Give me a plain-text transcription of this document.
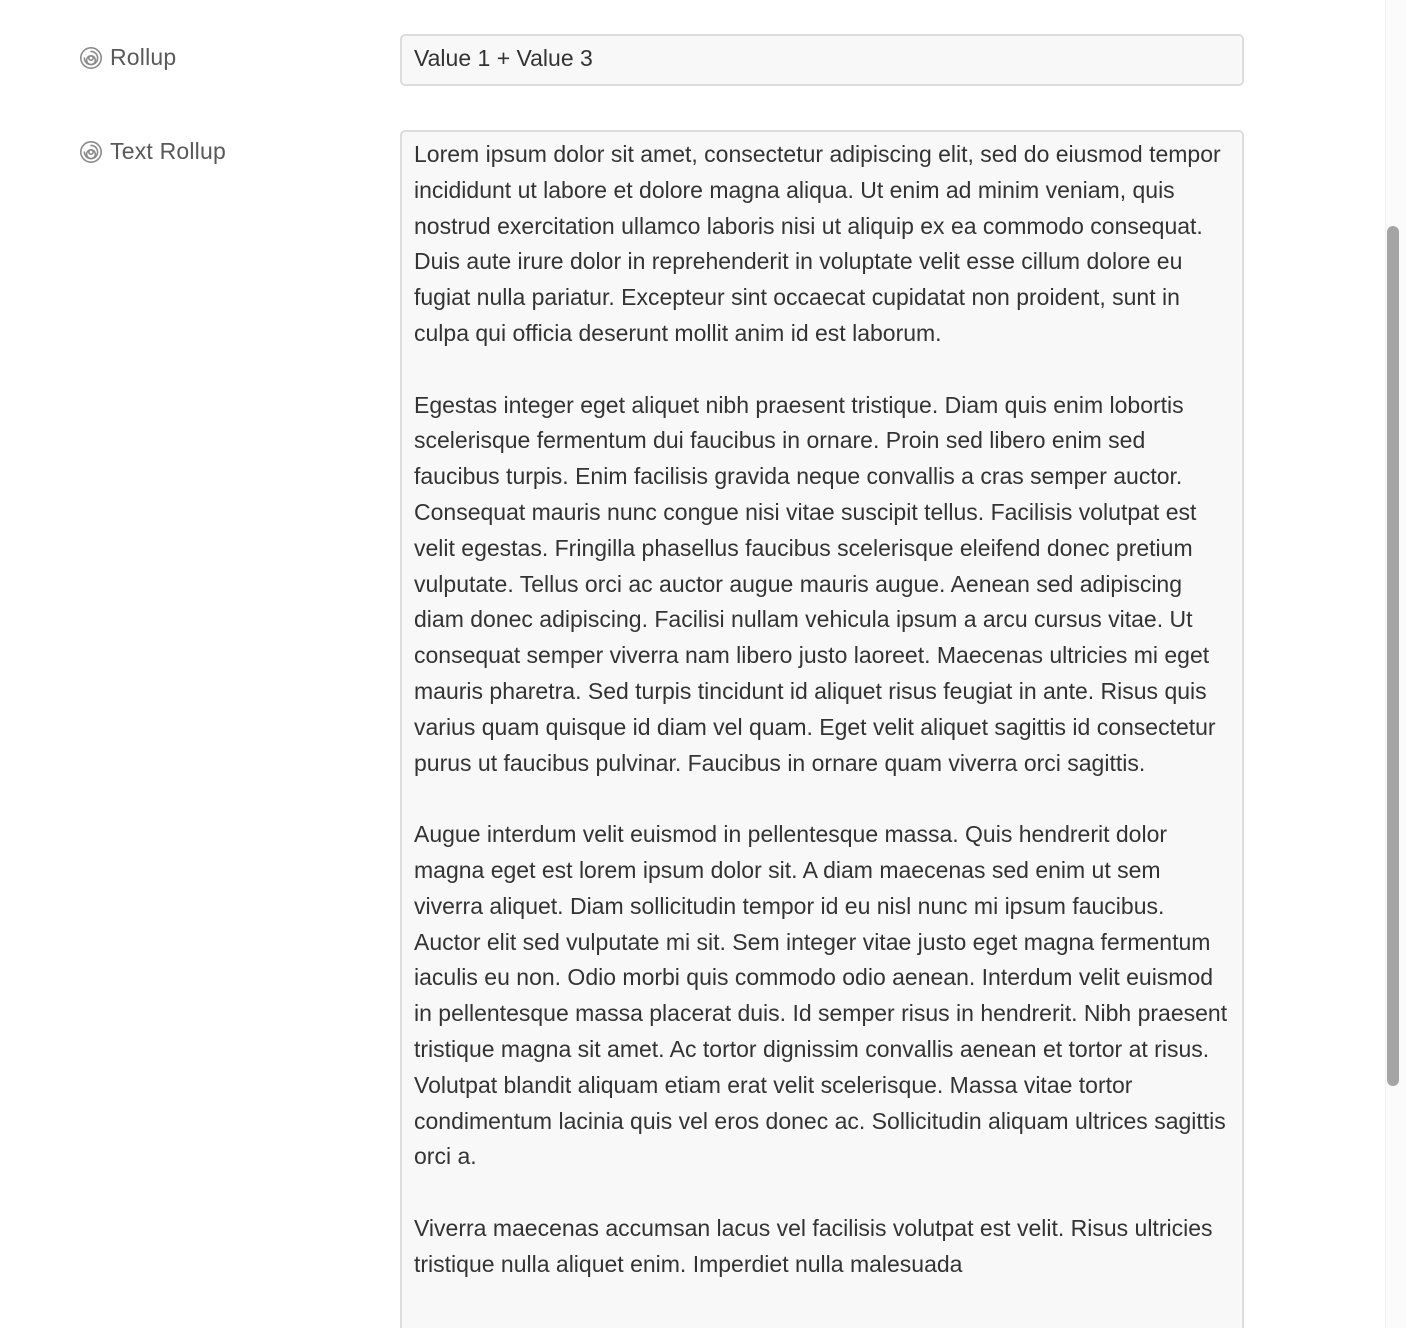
Rollup	Value 1 + Value 3
Text Rollup	Lorem ipsum dolor sit amet, consectetur adipiscing elit, sed do eiusmod tempor incididunt ut labore et dolore magna aliqua. Ut enim ad minim veniam, quis nostrud exercitation ullamco laboris nisi ut aliquip ex ea commodo consequat. Duis aute irure dolor in reprehenderit in voluptate velit esse cillum dolore eu fugiat nulla pariatur. Excepteur sint occaecat cupidatat non proident, sunt in culpa qui officia deserunt mollit anim id est laborum.

Egestas integer eget aliquet nibh praesent tristique. Diam quis enim lobortis scelerisque fermentum dui faucibus in ornare. Proin sed libero enim sed faucibus turpis. Enim facilisis gravida neque convallis a cras semper auctor. Consequat mauris nunc congue nisi vitae suscipit tellus. Facilisis volutpat est velit egestas. Fringilla phasellus faucibus scelerisque eleifend donec pretium vulputate. Tellus orci ac auctor augue mauris augue. Aenean sed adipiscing diam donec adipiscing. Facilisi nullam vehicula ipsum a arcu cursus vitae. Ut consequat semper viverra nam libero justo laoreet. Maecenas ultricies mi eget mauris pharetra. Sed turpis tincidunt id aliquet risus feugiat in ante. Risus quis varius quam quisque id diam vel quam. Eget velit aliquet sagittis id consectetur purus ut faucibus pulvinar. Faucibus in ornare quam viverra orci sagittis.

Augue interdum velit euismod in pellentesque massa. Quis hendrerit dolor magna eget est lorem ipsum dolor sit. A diam maecenas sed enim ut sem viverra aliquet. Diam sollicitudin tempor id eu nisl nunc mi ipsum faucibus. Auctor elit sed vulputate mi sit. Sem integer vitae justo eget magna fermentum iaculis eu non. Odio morbi quis commodo odio aenean. Interdum velit euismod in pellentesque massa placerat duis. Id semper risus in hendrerit. Nibh praesent tristique magna sit amet. Ac tortor dignissim convallis aenean et tortor at risus. Volutpat blandit aliquam etiam erat velit scelerisque. Massa vitae tortor condimentum lacinia quis vel eros donec ac. Sollicitudin aliquam ultrices sagittis orci a.

Viverra maecenas accumsan lacus vel facilisis volutpat est velit. Risus ultricies tristique nulla aliquet enim. Imperdiet nulla malesuada
